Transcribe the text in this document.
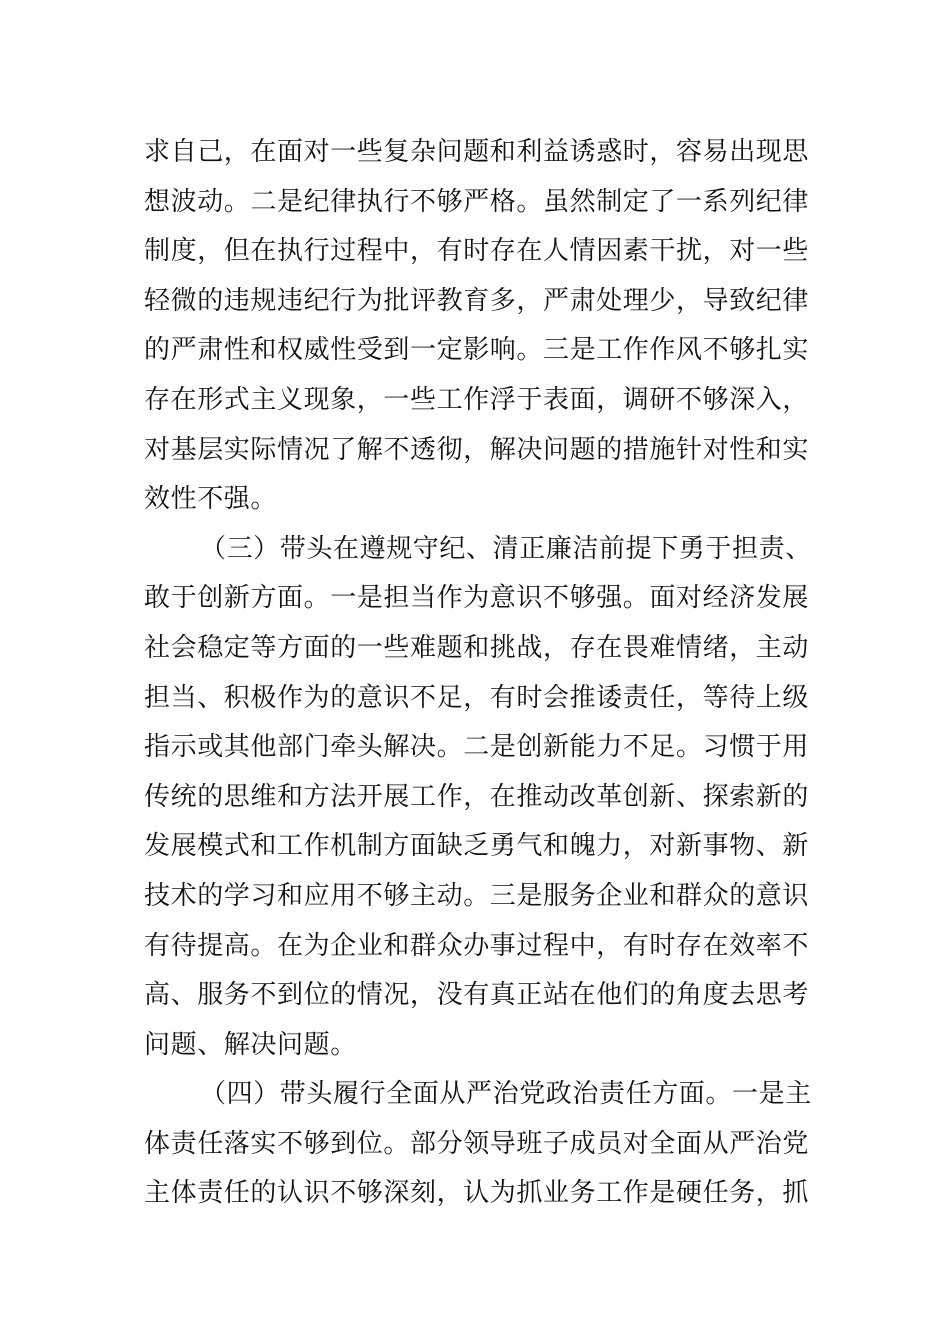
求自己，在面对一些复杂问题和利益诱惑时，容易出现思
想波动。二是纪律执行不够严格。虽然制定了一系列纪律
制度，但在执行过程中，有时存在人情因素干扰，对一些
轻微的违规违纪行为批评教育多，严肃处理少，导致纪律
的严肃性和权威性受到一定影响。三是工作作风不够扎实
存在形式主义现象，一些工作浮于表面，调研不够深入，
对基层实际情况了解不透彻，解决问题的措施针对性和实
效性不强。
（三）带头在遵规守纪、清正廉洁前提下勇于担责、
敢于创新方面。一是担当作为意识不够强。面对经济发展
社会稳定等方面的一些难题和挑战，存在畏难情绪，主动
担当、积极作为的意识不足，有时会推诿责任，等待上级
指示或其他部门牵头解决。二是创新能力不足。习惯于用
传统的思维和方法开展工作，在推动改革创新、探索新的
发展模式和工作机制方面缺乏勇气和魄力，对新事物、新
技术的学习和应用不够主动。三是服务企业和群众的意识
有待提高。在为企业和群众办事过程中，有时存在效率不
高、服务不到位的情况，没有真正站在他们的角度去思考
问题、解决问题。
（四）带头履行全面从严治党政治责任方面。一是主
体责任落实不够到位。部分领导班子成员对全面从严治党
主体责任的认识不够深刻，认为抓业务工作是硬任务，抓
